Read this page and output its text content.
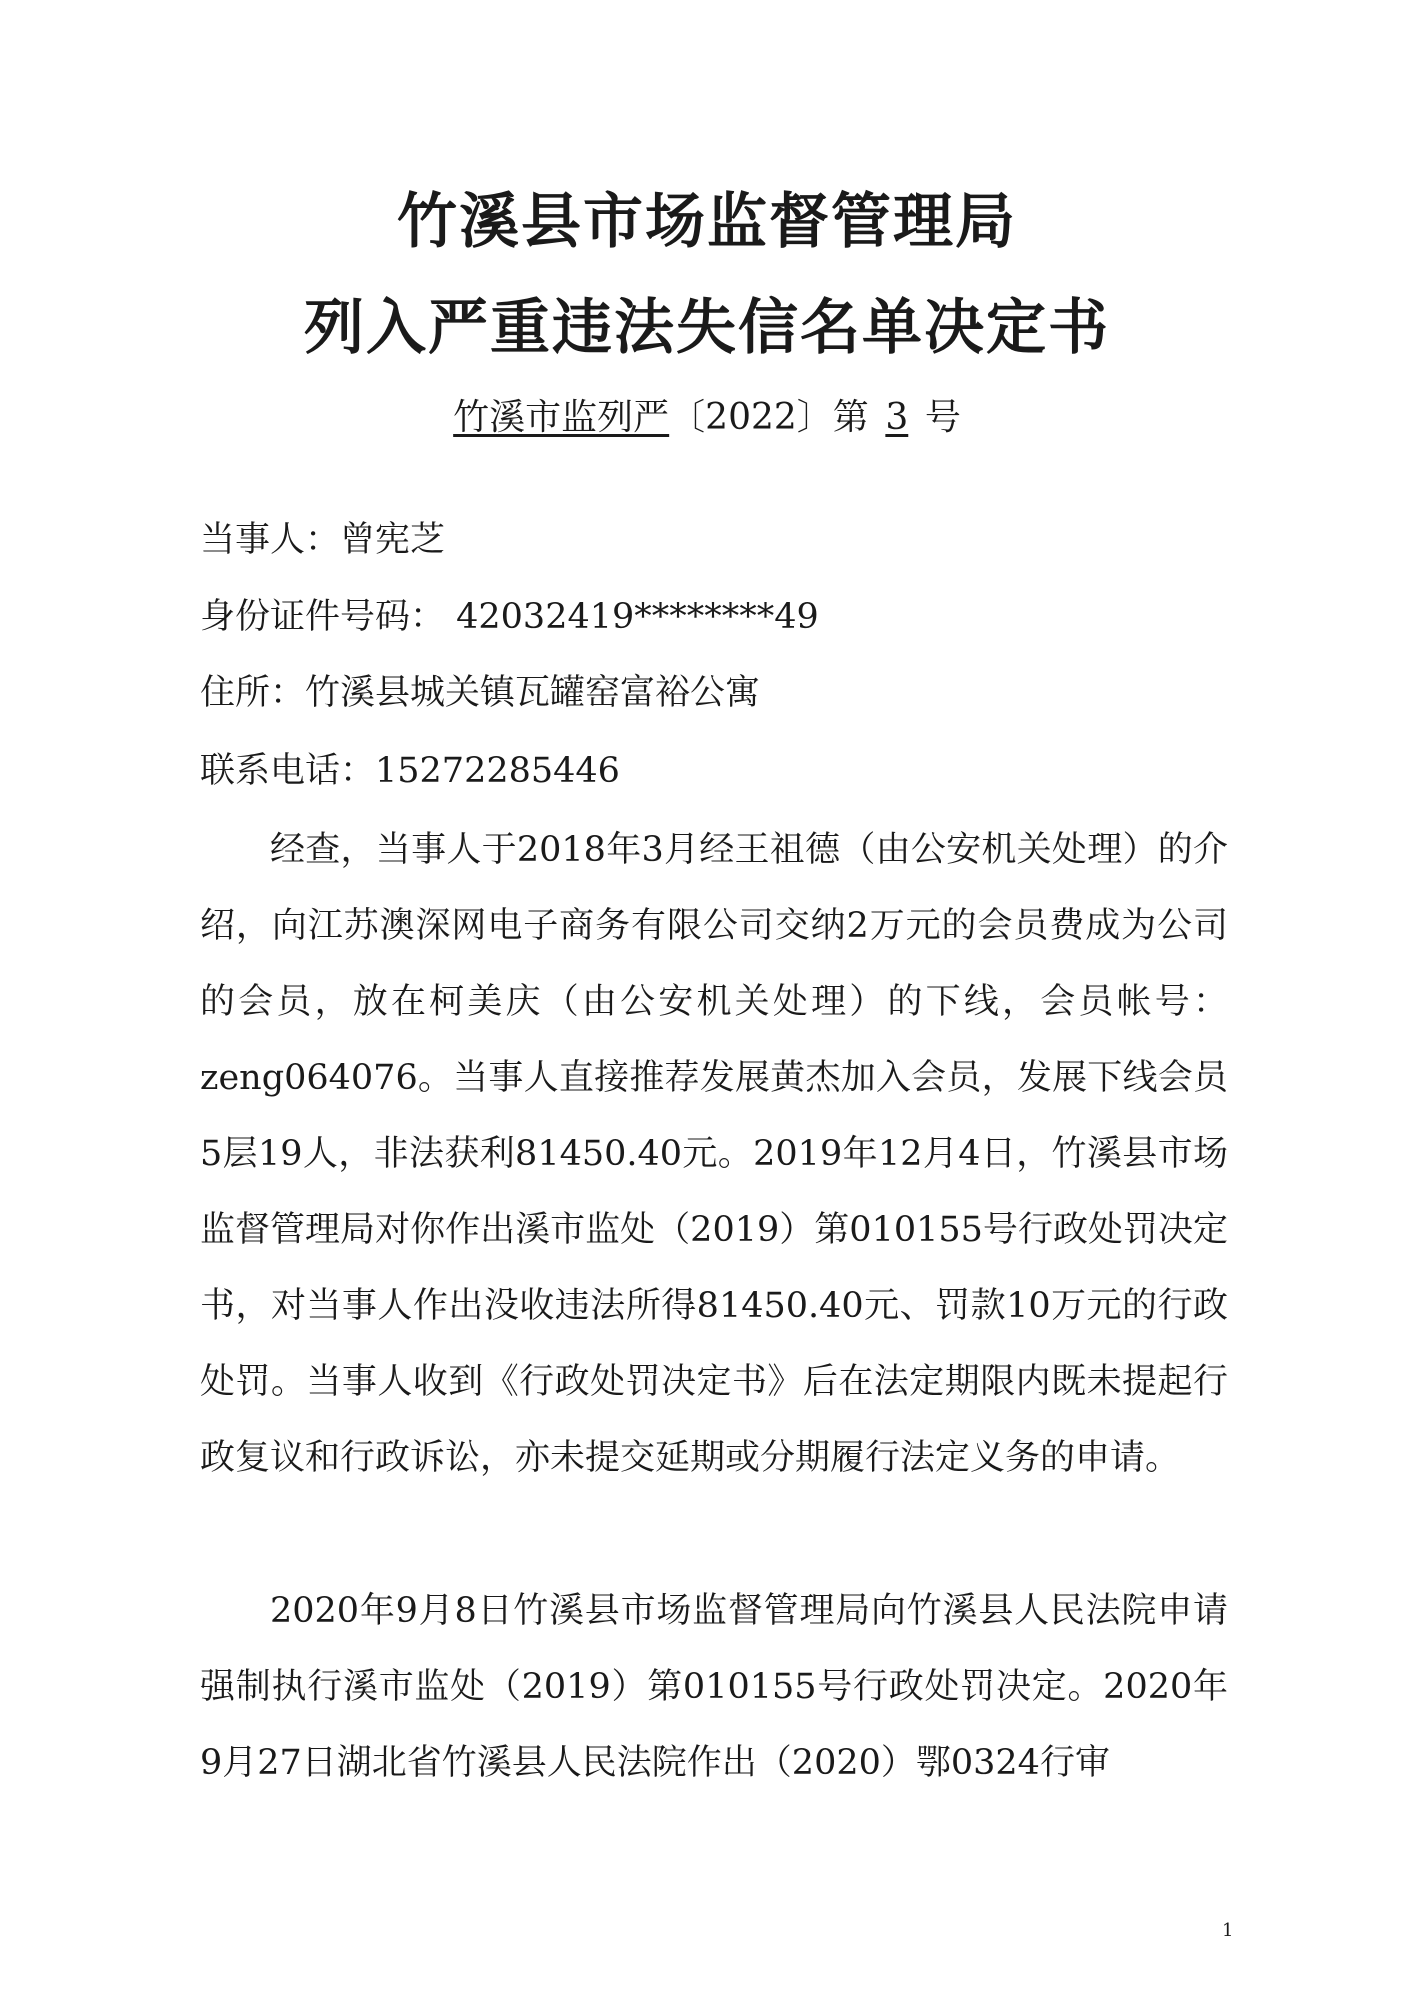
竹溪县市场监督管理局
列入严重违法失信名单决定书
竹溪市监列严〔2022〕第 3 号
当事人：曾宪芝
身份证件号码： 42032419********49
住所：竹溪县城关镇瓦罐窑富裕公寓
联系电话：15272285446

经查，当事人于2018年3月经王祖德（由公安机关处理）的介绍，向江苏澳深网电子商务有限公司交纳2万元的会员费成为公司的会员，放在柯美庆（由公安机关处理）的下线，会员帐号：zeng064076。当事人直接推荐发展黄杰加入会员，发展下线会员5层19人，非法获利81450.40元。2019年12月4日，竹溪县市场监督管理局对你作出溪市监处（2019）第010155号行政处罚决定书，对当事人作出没收违法所得81450.40元、罚款10万元的行政处罚。当事人收到《行政处罚决定书》后在法定期限内既未提起行政复议和行政诉讼，亦未提交延期或分期履行法定义务的申请。

2020年9月8日竹溪县市场监督管理局向竹溪县人民法院申请强制执行溪市监处（2019）第010155号行政处罚决定。2020年9月27日湖北省竹溪县人民法院作出（2020）鄂0324行审

1
